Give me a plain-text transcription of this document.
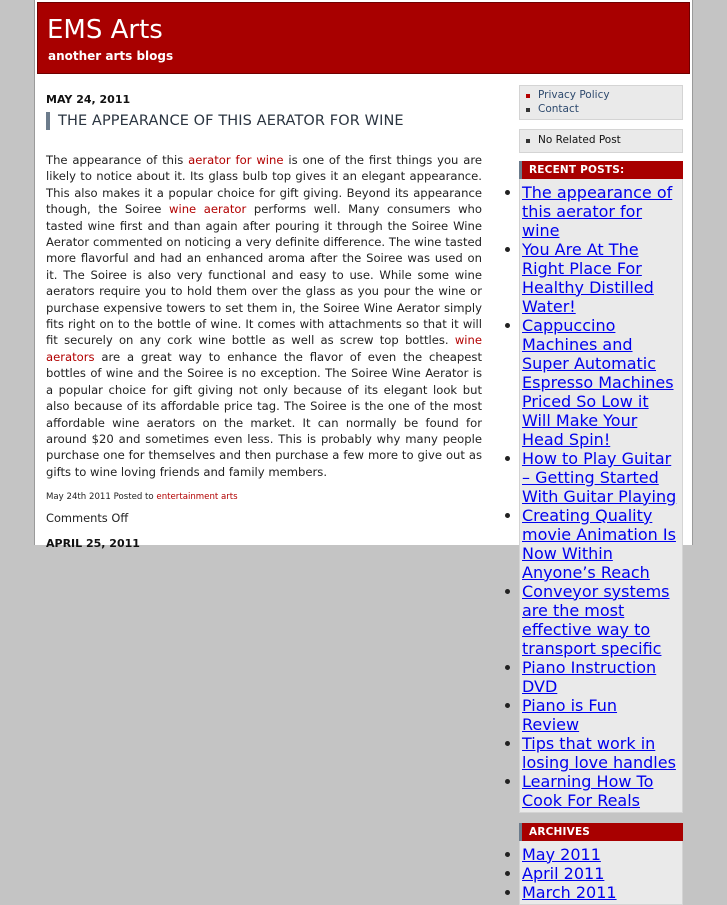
EMS Arts
another arts blogs
MAY 24, 2011
THE APPEARANCE OF THIS AERATOR FOR WINE
The appearance of this aerator for wine is one of the first things you are likely to notice about it. Its glass bulb top gives it an elegant appearance. This also makes it a popular choice for gift giving. Beyond its appearance though, the Soiree wine aerator performs well. Many consumers who tasted wine first and than again after pouring it through the Soiree Wine Aerator commented on noticing a very definite difference. The wine tasted more flavorful and had an enhanced aroma after the Soiree was used on it. The Soiree is also very functional and easy to use. While some wine aerators require you to hold them over the glass as you pour the wine or purchase expensive towers to set them in, the Soiree Wine Aerator simply fits right on to the bottle of wine. It comes with attachments so that it will fit securely on any cork wine bottle as well as screw top bottles. wine aerators are a great way to enhance the flavor of even the cheapest bottles of wine and the Soiree is no exception. The Soiree Wine Aerator is a popular choice for gift giving not only because of its elegant look but also because of its affordable price tag. The Soiree is the one of the most affordable wine aerators on the market. It can normally be found for around $20 and sometimes even less. This is probably why many people purchase one for themselves and then purchase a few more to give out as gifts to wine loving friends and family members.
May 24th 2011 Posted to entertainment arts
Comments Off
APRIL 25, 2011
Privacy Policy
Contact
No Related Post
RECENT POSTS:
• The appearance of this aerator for wine
• You Are At The Right Place For Healthy Distilled Water!
• Cappuccino Machines and Super Automatic Espresso Machines Priced So Low it Will Make Your Head Spin!
• How to Play Guitar – Getting Started With Guitar Playing
• Creating Quality movie Animation Is Now Within Anyone’s Reach
• Conveyor systems are the most effective way to transport specific
• Piano Instruction DVD
• Piano is Fun Review
• Tips that work in losing love handles
• Learning How To Cook For Reals
ARCHIVES
• May 2011
• April 2011
• March 2011
